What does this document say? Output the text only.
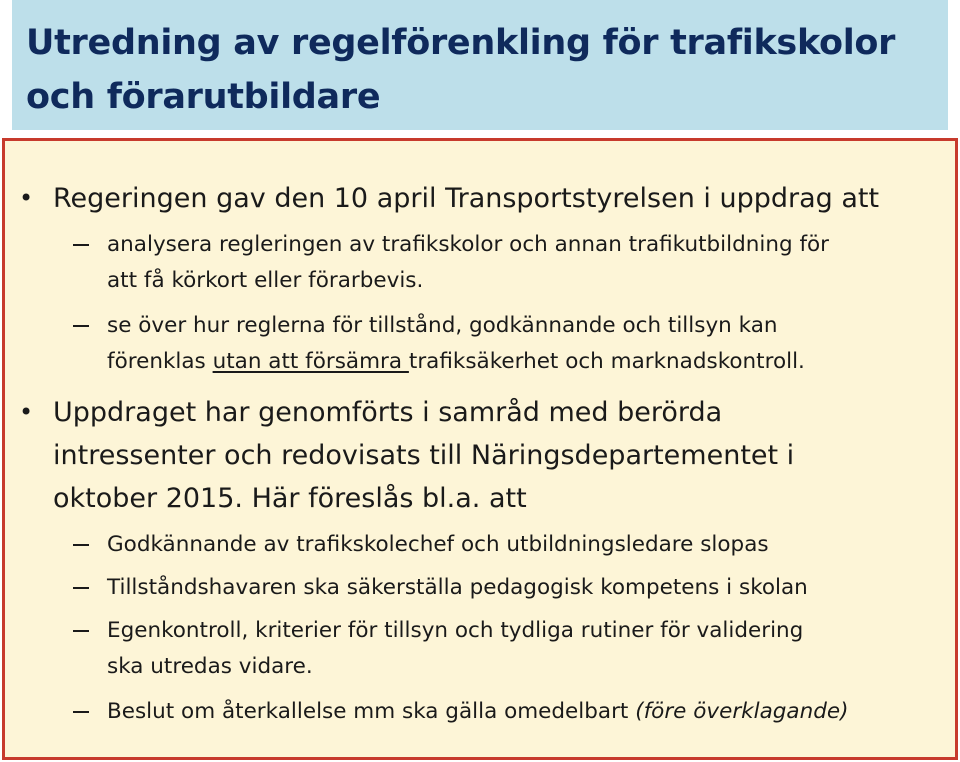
Utredning av regelförenkling för trafikskolor
och förarutbildare
• Regeringen gav den 10 april Transportstyrelsen i uppdrag att
analysera regleringen av trafikskolor och annan trafikutbildning för
att få körkort eller förarbevis.
se över hur reglerna för tillstånd, godkännande och tillsyn kan
förenklas utan att försämra trafiksäkerhet och marknadskontroll.
• Uppdraget har genomförts i samråd med berörda
intressenter och redovisats till Näringsdepartementet i
oktober 2015. Här föreslås bl.a. att
Godkännande av trafikskolechef och utbildningsledare slopas
Tillståndshavaren ska säkerställa pedagogisk kompetens i skolan
Egenkontroll, kriterier för tillsyn och tydliga rutiner för validering
ska utredas vidare.
Beslut om återkallelse mm ska gälla omedelbart (före överklagande)
